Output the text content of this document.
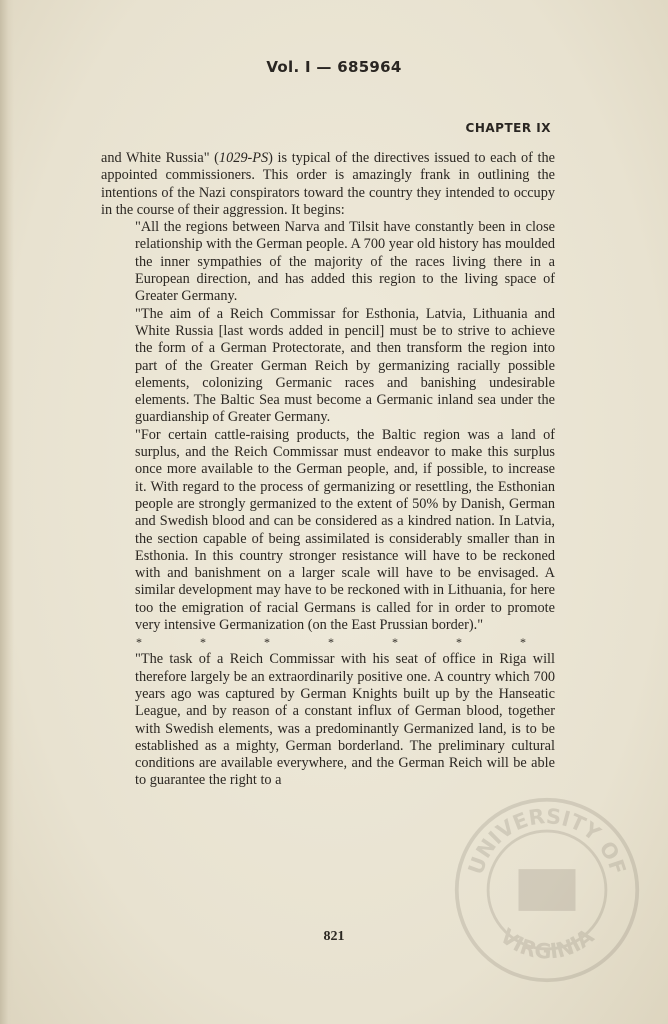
Vol. I — 685964
CHAPTER IX

and White Russia" (1029-PS) is typical of the directives issued to each of the appointed commissioners. This order is amazingly frank in outlining the intentions of the Nazi conspirators toward the country they intended to occupy in the course of their aggression. It begins:

"All the regions between Narva and Tilsit have constantly been in close relationship with the German people. A 700 year old history has moulded the inner sympathies of the majority of the races living there in a European direction, and has added this region to the living space of Greater Germany.

"The aim of a Reich Commissar for Esthonia, Latvia, Lithuania and White Russia [last words added in pencil] must be to strive to achieve the form of a German Protectorate, and then transform the region into part of the Greater German Reich by germanizing racially possible elements, colonizing Germanic races and banishing undesirable elements. The Baltic Sea must become a Germanic inland sea under the guardianship of Greater Germany.

"For certain cattle-raising products, the Baltic region was a land of surplus, and the Reich Commissar must endeavor to make this surplus once more available to the German people, and, if possible, to increase it. With regard to the process of germanizing or resettling, the Esthonian people are strongly germanized to the extent of 50% by Danish, German and Swedish blood and can be considered as a kindred nation. In Latvia, the section capable of being assimilated is considerably smaller than in Esthonia. In this country stronger resistance will have to be reckoned with and banishment on a larger scale will have to be envisaged. A similar development may have to be reckoned with in Lithuania, for here too the emigration of racial Germans is called for in order to promote very intensive Germanization (on the East Prussian border)."

*	*	*	*	*	*	*

"The task of a Reich Commissar with his seat of office in Riga will therefore largely be an extraordinarily positive one. A country which 700 years ago was captured by German Knights built up by the Hanseatic League, and by reason of a constant influx of German blood, together with Swedish elements, was a predominantly Germanized land, is to be established as a mighty, German borderland. The preliminary cultural conditions are available everywhere, and the German Reich will be able to guarantee the right to a

821
UNIVERSITY OF
VIRGINIA
